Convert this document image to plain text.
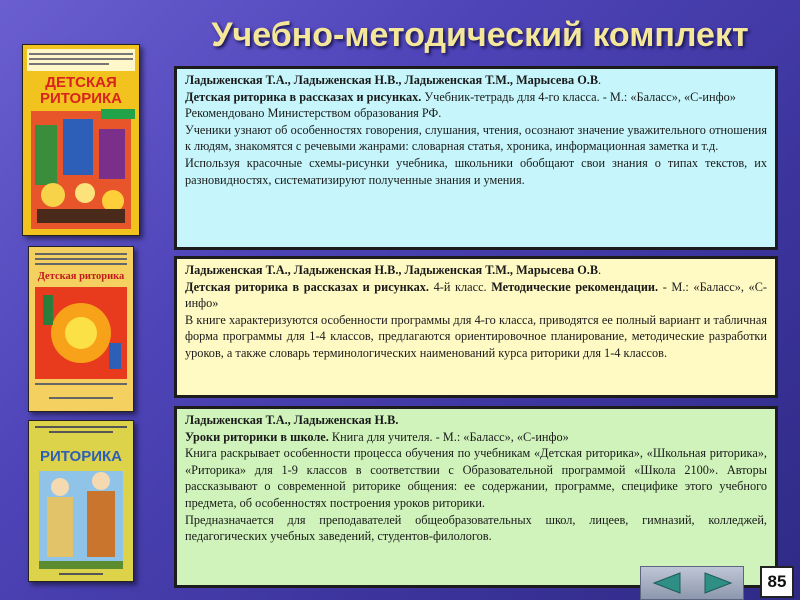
Учебно-методический комплект
ДЕТСКАЯ
РИТОРИКА
Детская риторика
РИТОРИКА

Ладыженская Т.А., Ладыженская Н.В., Ладыженская Т.М., Марысева О.В.

Детская риторика в рассказах и рисунках. Учебник-тетрадь для 4-го класса. - М.: «Баласс», «С-инфо»

Рекомендовано Министерством образования РФ.

Ученики узнают об особенностях говорения, слушания, чтения, осознают значение уважительного отношения к людям, знакомятся с речевыми жанрами: словарная статья, хроника, информационная заметка и т.д.

Используя красочные схемы-рисунки учебника, школьники обобщают свои знания о типах текстов, их разновидностях, систематизируют полученные знания и умения.

Ладыженская Т.А., Ладыженская Н.В., Ладыженская Т.М., Марысева О.В.

Детская риторика в рассказах и рисунках. 4-й класс. Методические рекомендации. - М.: «Баласс», «С-инфо»

В книге характеризуются особенности программы для 4-го класса, приводятся ее полный вариант и табличная форма программы для 1-4 классов, предлагаются ориентировочное планирование, методические разработки уроков, а также словарь терминологических наименований курса риторики для 1-4 классов.

Ладыженская Т.А., Ладыженская Н.В.

Уроки риторики в школе. Книга для учителя. - М.: «Баласс», «С-инфо»

Книга раскрывает особенности процесса обучения по учебникам «Детская риторика», «Школьная риторика», «Риторика» для 1-9 классов в соответствии с Образовательной программой «Школа 2100». Авторы рассказывают о современной риторике общения: ее содержании, программе, специфике этого учебного предмета, об особенностях построения уроков риторики.

Предназначается для преподавателей общеобразовательных школ, лицеев, гимназий, колледжей, педагогических учебных заведений, студентов-филологов.

85
